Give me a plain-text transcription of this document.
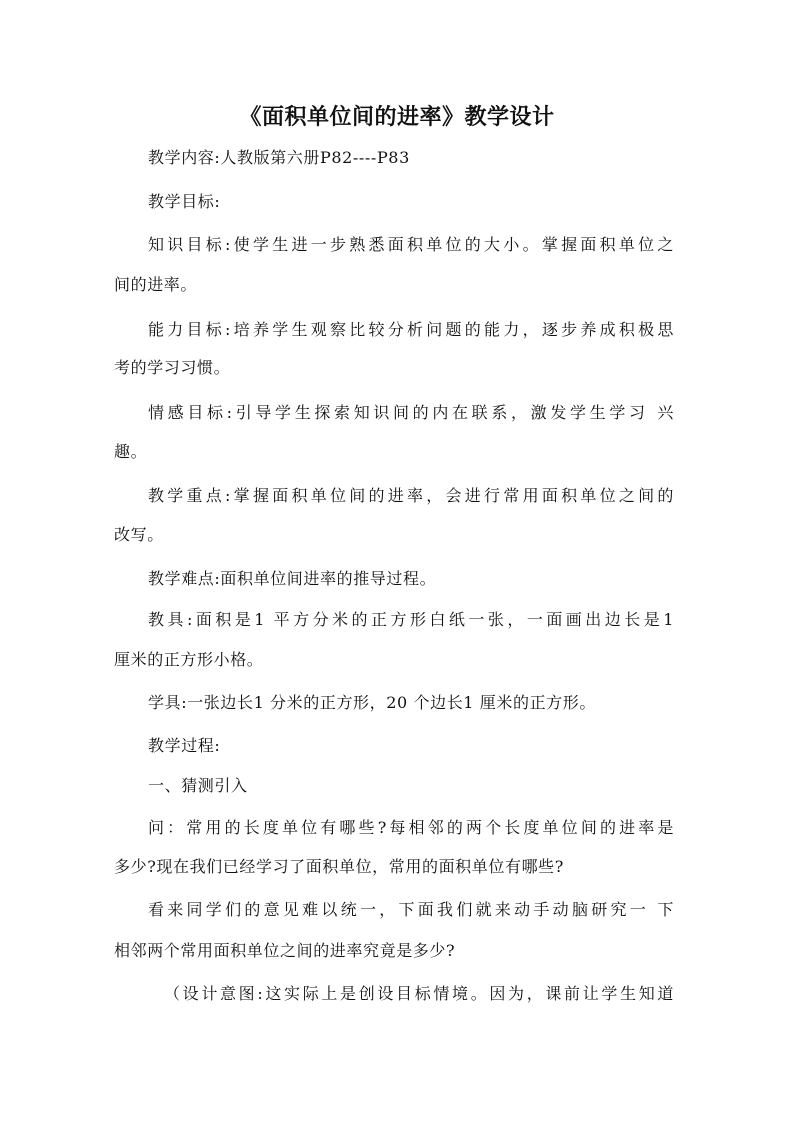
《面积单位间的进率》教学设计
教学内容:人教版第六册P82----P83
教学目标:
知识目标:使学生进一步熟悉面积单位的大小。掌握面积单位之
间的进率。
能力目标:培养学生观察比较分析问题的能力，逐步养成积极思
考的学习习惯。
情感目标:引导学生探索知识间的内在联系，激发学生学习 兴
趣。
教学重点:掌握面积单位间的进率，会进行常用面积单位之间的
改写。
教学难点:面积单位间进率的推导过程。
教具:面积是1 平方分米的正方形白纸一张，一面画出边长是1
厘米的正方形小格。
学具:一张边长1 分米的正方形，20 个边长1 厘米的正方形。
教学过程:
一、猜测引入
问：常用的长度单位有哪些?每相邻的两个长度单位间的进率是
多少?现在我们已经学习了面积单位，常用的面积单位有哪些?
看来同学们的意见难以统一，下面我们就来动手动脑研究一 下
相邻两个常用面积单位之间的进率究竟是多少?
（设计意图:这实际上是创设目标情境。因为，课前让学生知道
